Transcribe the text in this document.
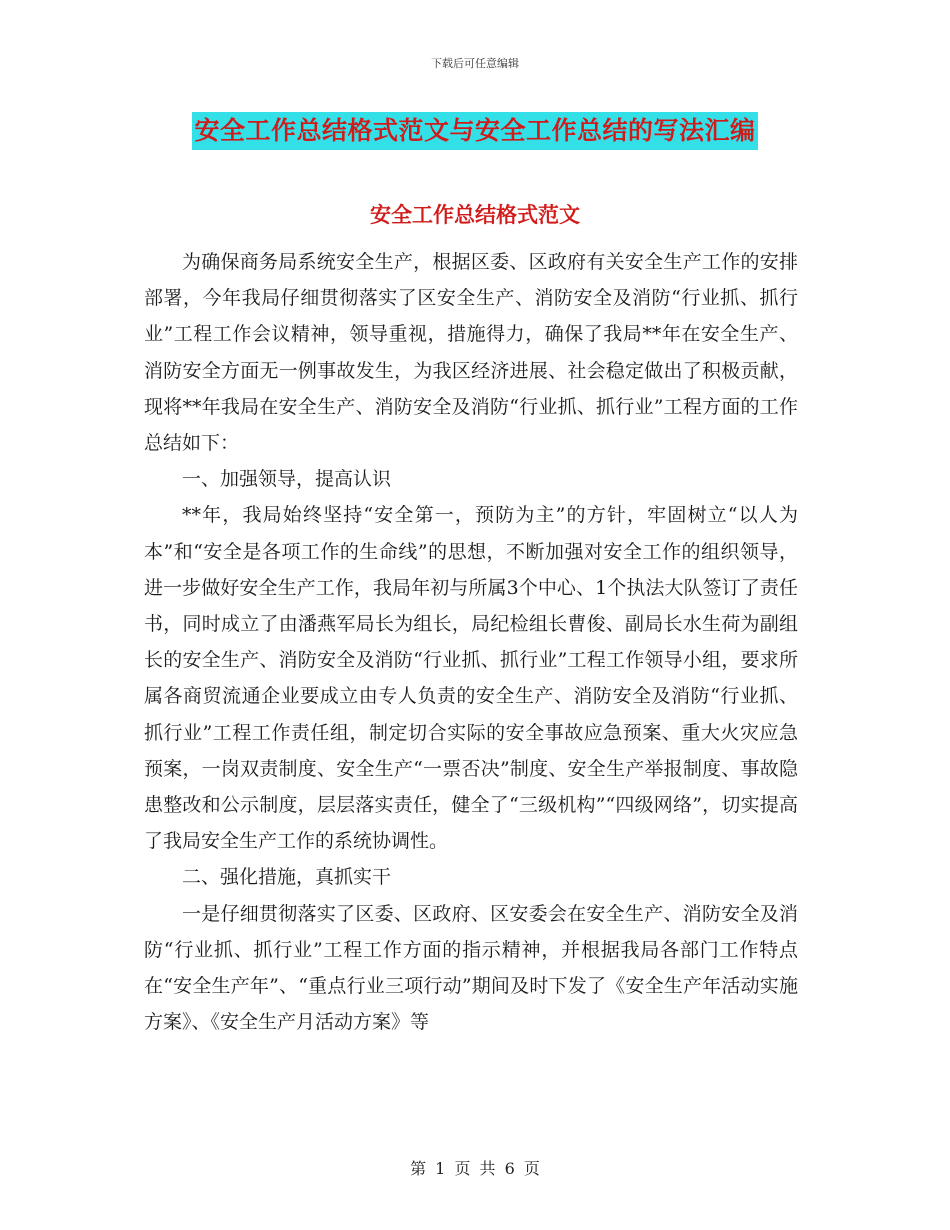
下载后可任意编辑
安全工作总结格式范文与安全工作总结的写法汇编
安全工作总结格式范文

为确保商务局系统安全生产，根据区委、区政府有关安全生产工作的安排部署，今年我局仔细贯彻落实了区安全生产、消防安全及消防“行业抓、抓行业”工程工作会议精神，领导重视，措施得力，确保了我局**年在安全生产、消防安全方面无一例事故发生，为我区经济进展、社会稳定做出了积极贡献，现将**年我局在安全生产、消防安全及消防“行业抓、抓行业”工程方面的工作总结如下：

一、加强领导，提高认识

**年，我局始终坚持“安全第一，预防为主”的方针，牢固树立“以人为本”和“安全是各项工作的生命线”的思想，不断加强对安全工作的组织领导，进一步做好安全生产工作，我局年初与所属3个中心、1个执法大队签订了责任书，同时成立了由潘燕军局长为组长，局纪检组长曹俊、副局长水生荷为副组长的安全生产、消防安全及消防“行业抓、抓行业”工程工作领导小组，要求所属各商贸流通企业要成立由专人负责的安全生产、消防安全及消防“行业抓、抓行业”工程工作责任组，制定切合实际的安全事故应急预案、重大火灾应急预案，一岗双责制度、安全生产“一票否决”制度、安全生产举报制度、事故隐患整改和公示制度，层层落实责任，健全了“三级机构”“四级网络”，切实提高了我局安全生产工作的系统协调性。

二、强化措施，真抓实干

一是仔细贯彻落实了区委、区政府、区安委会在安全生产、消防安全及消防“行业抓、抓行业”工程工作方面的指示精神，并根据我局各部门工作特点在“安全生产年”、“重点行业三项行动”期间及时下发了《安全生产年活动实施方案》、《安全生产月活动方案》等

第 1 页 共 6 页
